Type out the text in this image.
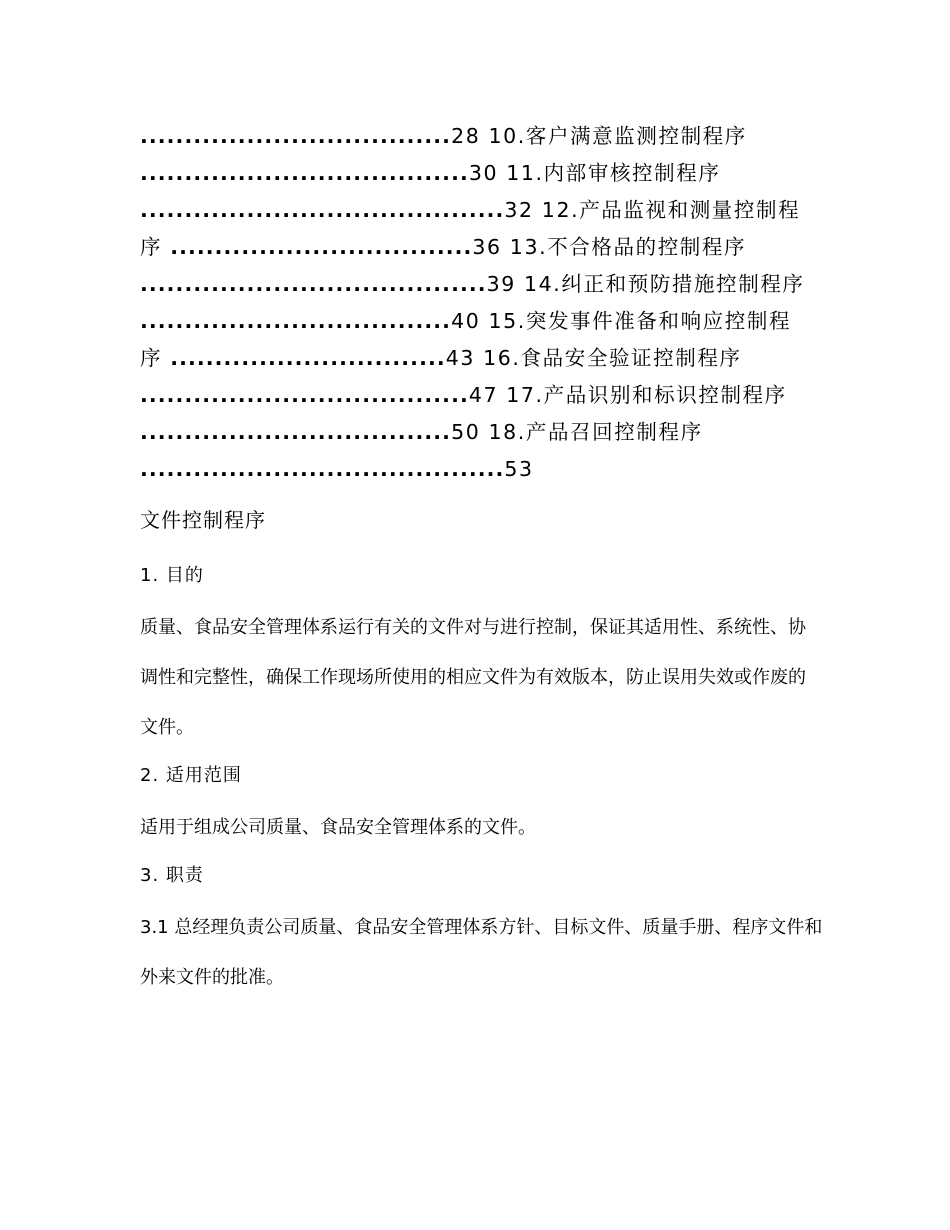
...................................28 10.客户满意监测控制程序
.....................................30 11.内部审核控制程序
.........................................32 12.产品监视和测量控制程
序 ..................................36 13.不合格品的控制程序
.......................................39 14.纠正和预防措施控制程序
...................................40 15.突发事件准备和响应控制程
序 ...............................43 16.食品安全验证控制程序
.....................................47 17.产品识别和标识控制程序
...................................50 18.产品召回控制程序
.........................................53
文件控制程序
1. 目的
质量、食品安全管理体系运行有关的文件对与进行控制，保证其适用性、系统性、协
调性和完整性，确保工作现场所使用的相应文件为有效版本，防止误用失效或作废的
文件。
2. 适用范围
适用于组成公司质量、食品安全管理体系的文件。
3. 职责
3.1 总经理负责公司质量、食品安全管理体系方针、目标文件、质量手册、程序文件和
外来文件的批准。
